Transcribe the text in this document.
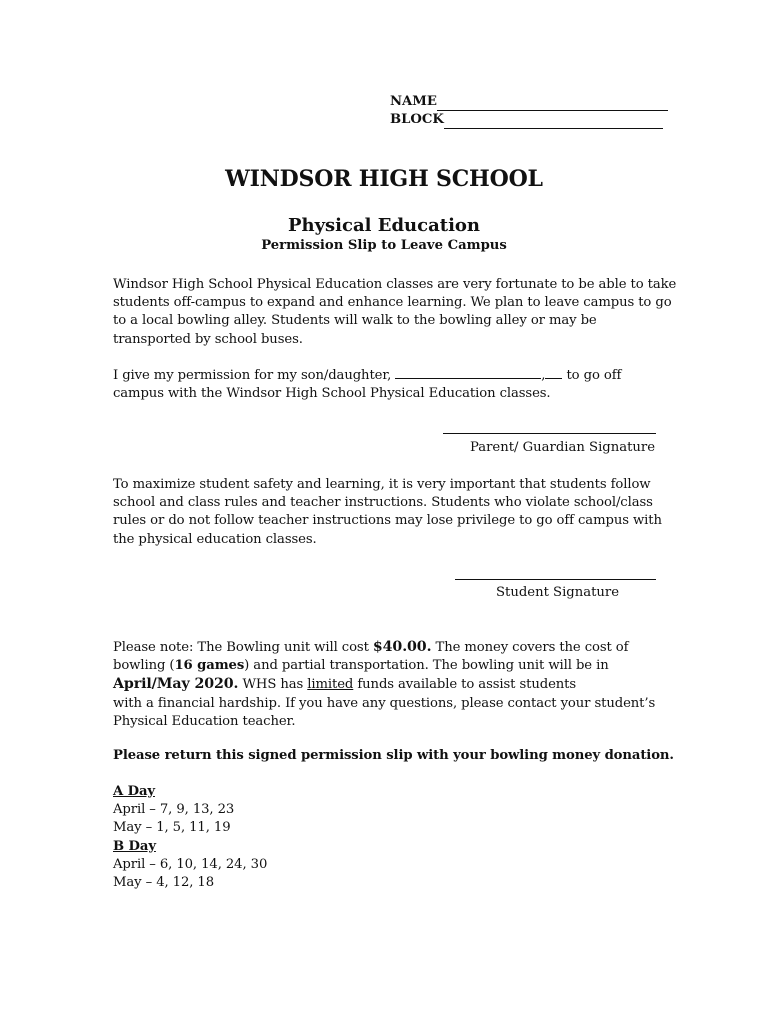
NAME
BLOCK
WINDSOR HIGH SCHOOL
Physical Education
Permission Slip to Leave Campus
Windsor High School Physical Education classes are very fortunate to be able to take
students off-campus to expand and enhance learning. We plan to leave campus to go
to a local bowling alley. Students will walk to the bowling alley or may be
transported by school buses.
I give my permission for my son/daughter,	, to go off
campus with the Windsor High School Physical Education classes.
Parent/ Guardian Signature
To maximize student safety and learning, it is very important that students follow
school and class rules and teacher instructions. Students who violate school/class
rules or do not follow teacher instructions may lose privilege to go off campus with
the physical education classes.
Student Signature
Please note: The Bowling unit will cost $40.00. The money covers the cost of
bowling (16 games) and partial transportation. The bowling unit will be in
April/May 2020. WHS has limited funds available to assist students
with a financial hardship. If you have any questions, please contact your student’s
Physical Education teacher.
Please return this signed permission slip with your bowling money donation.
A Day
April – 7, 9, 13, 23
May – 1, 5, 11, 19
B Day
April – 6, 10, 14, 24, 30
May – 4, 12, 18
